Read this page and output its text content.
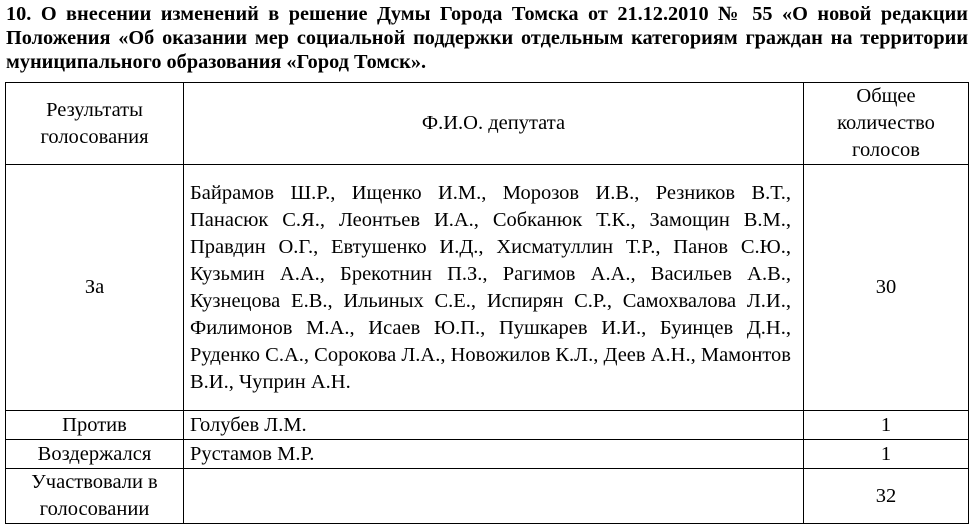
10. О внесении изменений в решение Думы Города Томска от 21.12.2010 № 55 «О новой редакции Положения «Об оказании мер социальной поддержки отдельным категориям граждан на территории муниципального образования «Город Томск».
Результаты голосования	Ф.И.О. депутата	Общее количество голосов
За	Байрамов Ш.Р., Ищенко И.М., Морозов И.В., Резников В.Т., Панасюк С.Я., Леонтьев И.А., Собканюк Т.К., Замощин В.М., Правдин О.Г., Евтушенко И.Д., Хисматуллин Т.Р., Панов С.Ю., Кузьмин А.А., Брекотнин П.З., Рагимов А.А., Васильев А.В., Кузнецова Е.В., Ильиных С.Е., Испирян С.Р., Самохвалова Л.И., Филимонов М.А., Исаев Ю.П., Пушкарев И.И., Буинцев Д.Н., Руденко С.А., Сорокова Л.А., Новожилов К.Л., Деев А.Н., Мамонтов В.И., Чуприн А.Н.	30
Против	Голубев Л.М.	1
Воздержался	Рустамов М.Р.	1
Участвовали в голосовании		32
